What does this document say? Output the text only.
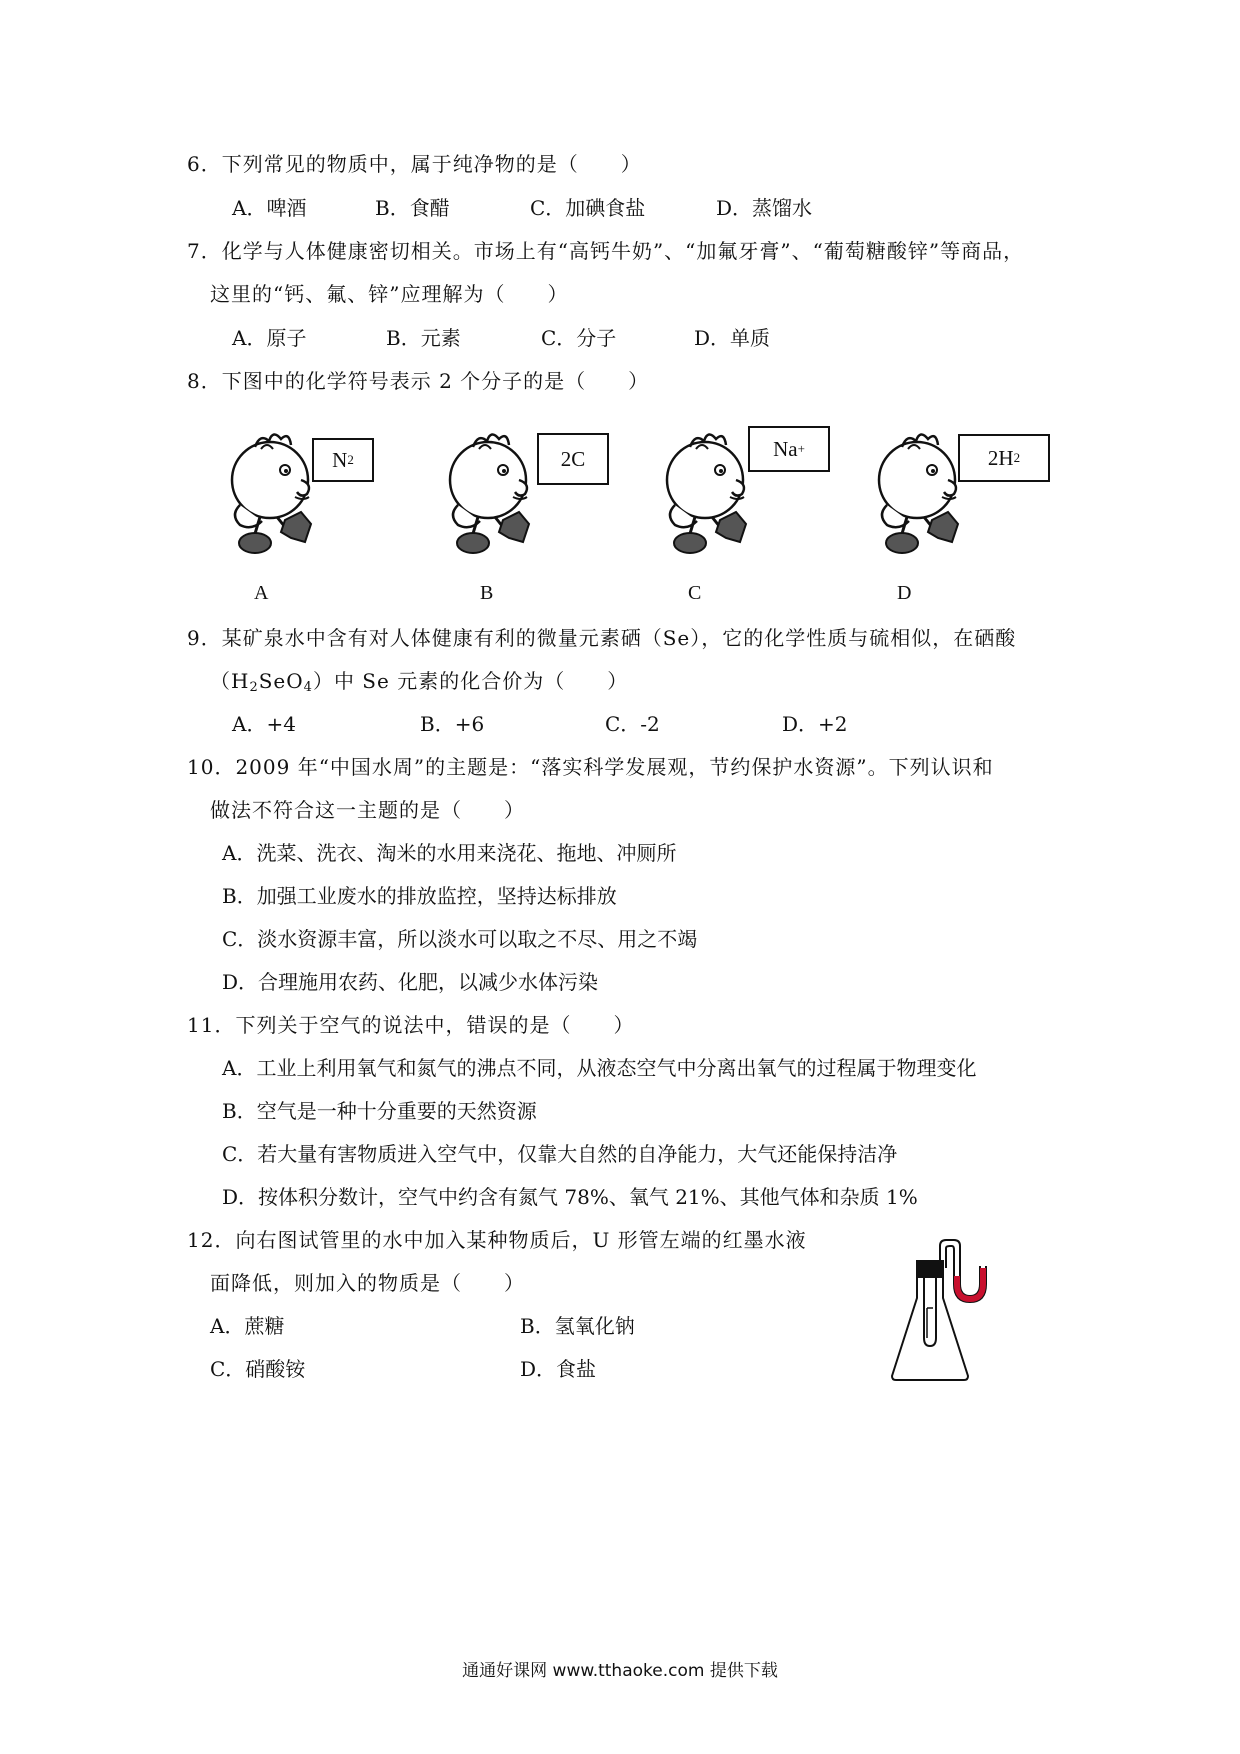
6．下列常见的物质中，属于纯净物的是（　　）
A．啤酒	B．食醋	C．加碘食盐	D．蒸馏水
7．化学与人体健康密切相关。市场上有“高钙牛奶”、“加氟牙膏”、“葡萄糖酸锌”等商品，
这里的“钙、氟、锌”应理解为（　　）
A．原子	B．元素	C．分子	D．单质
8．下图中的化学符号表示 2 个分子的是（　　）
N 2
A
2C
B
Na +
C
2H 2
D
9．某矿泉水中含有对人体健康有利的微量元素硒（Se），它的化学性质与硫相似，在硒酸
$(H_2SeO_4)$中 Se 元素的化合价为（　　）
A．+4	B．+6	C．-2	D．+2
10．2009 年“中国水周”的主题是：“落实科学发展观，节约保护水资源”。下列认识和
做法不符合这一主题的是（　　）
A．洗菜、洗衣、淘米的水用来浇花、拖地、冲厕所
B．加强工业废水的排放监控，坚持达标排放
C．淡水资源丰富，所以淡水可以取之不尽、用之不竭
D．合理施用农药、化肥，以减少水体污染
11．下列关于空气的说法中，错误的是（　　）
A．工业上利用氧气和氮气的沸点不同，从液态空气中分离出氧气的过程属于物理变化
B．空气是一种十分重要的天然资源
C．若大量有害物质进入空气中，仅靠大自然的自净能力，大气还能保持洁净
D．按体积分数计，空气中约含有氮气 78%、氧气 21%、其他气体和杂质 1%
12．向右图试管里的水中加入某种物质后，U 形管左端的红墨水液
面降低，则加入的物质是（　　）
A．蔗糖	B．氢氧化钠
C．硝酸铵	D．食盐
通通好课网 www.tthaoke.com 提供下载
